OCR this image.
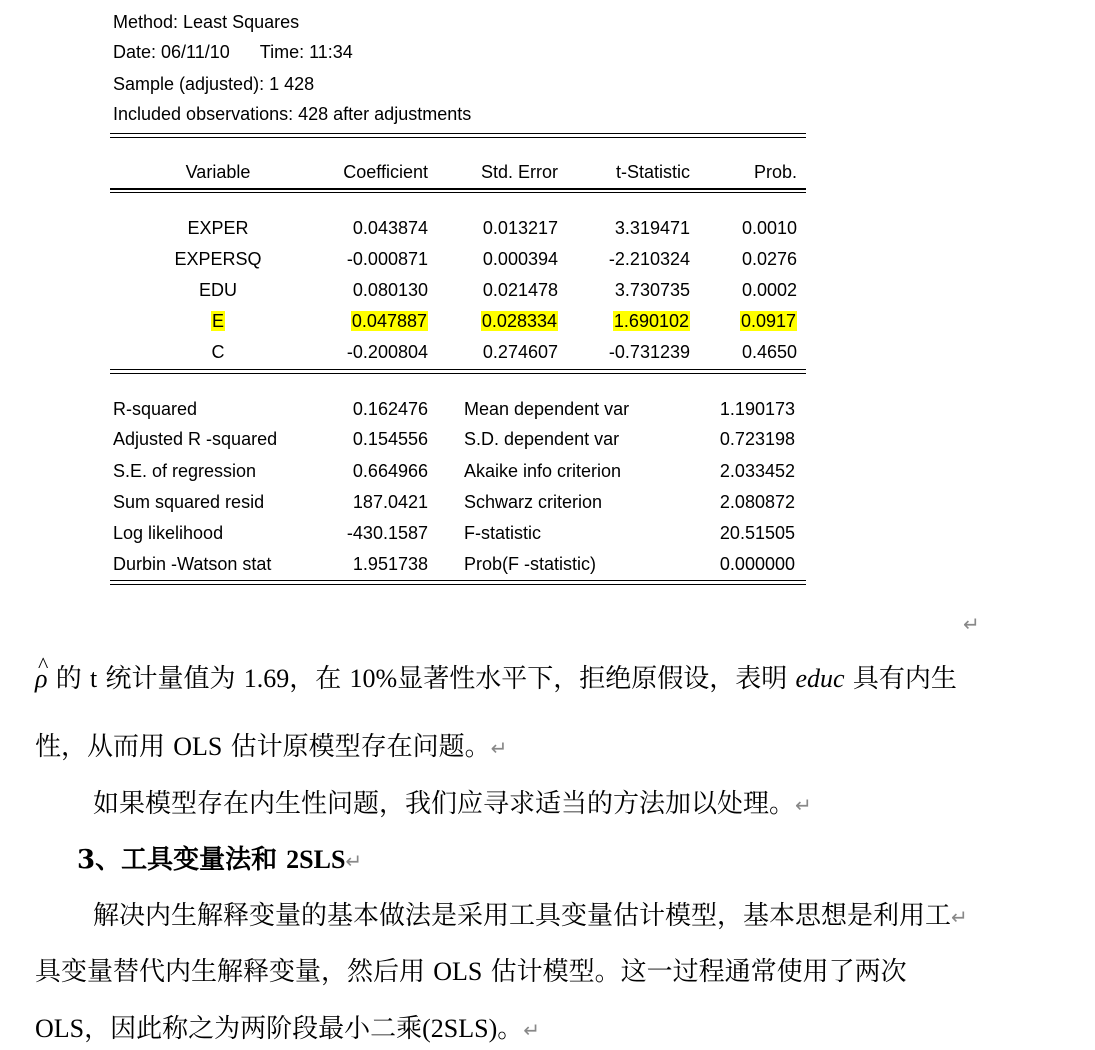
Method: Least Squares
Date: 06/11/10 Time: 11:34
Sample (adjusted): 1 428
Included observations: 428 after adjustments
Variable	Coefficient	Std. Error	t-Statistic	Prob.
EXPER	0.043874	0.013217	3.319471	0.0010
EXPERSQ	-0.000871	0.000394	-2.210324	0.0276
EDU	0.080130	0.021478	3.730735	0.0002
E	0.047887	0.028334	1.690102	0.0917
C	-0.200804	0.274607	-0.731239	0.4650
R-squared	0.162476 Mean dependent var	1.190173
Adjusted R -squared	0.154556 S.D. dependent var	0.723198
S.E. of regression	0.664966 Akaike info criterion	2.033452
Sum squared resid	187.0421 Schwarz criterion	2.080872
Log likelihood	-430.1587 F-statistic	20.51505
Durbin -Watson stat	1.951738 Prob(F -statistic)	0.000000
↵
^ ρ 的 t 统计量值为 1.69，在 10%显著性水平下，拒绝原假设，表明 educ 具有内生
性，从而用 OLS 估计原模型存在问题。↵
如果模型存在内生性问题，我们应寻求适当的方法加以处理。↵
3、工具变量法和 2SLS↵
解决内生解释变量的基本做法是采用工具变量估计模型，基本思想是利用工↵
具变量替代内生解释变量，然后用 OLS 估计模型。这一过程通常使用了两次
OLS，因此称之为两阶段最小二乘(2SLS)。↵
